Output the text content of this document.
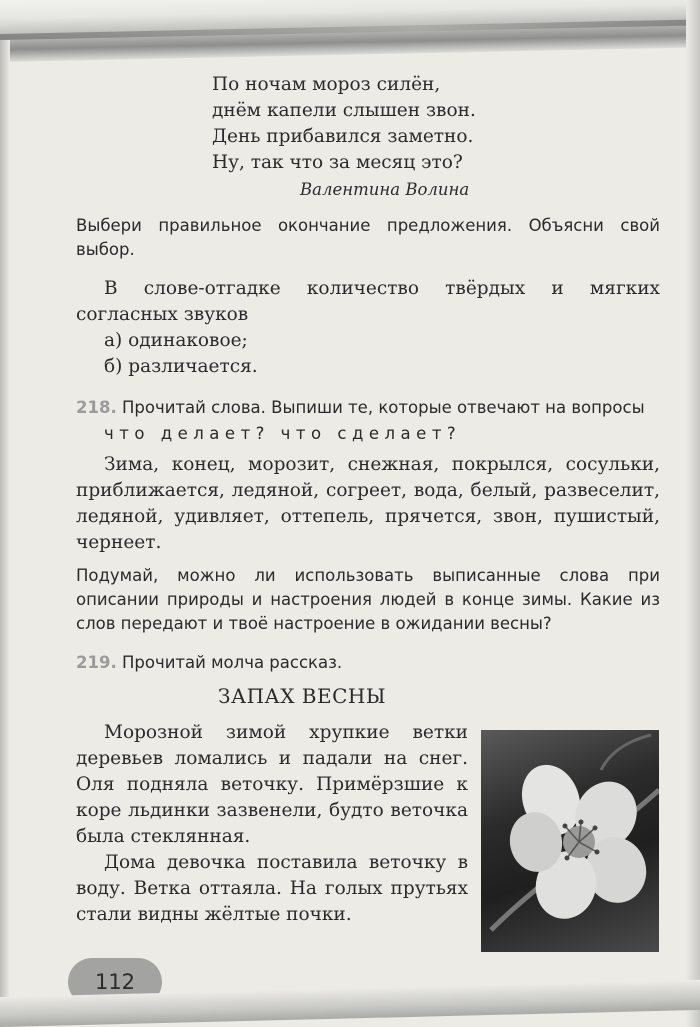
По ночам мороз силён,
днём капели слышен звон.
День прибавился заметно.
Ну, так что за месяц это?
Валентина Волина
Выбери правильное окончание предложения. Объясни свой выбор.
В слове-отгадке количество твёрдых и мягких согласных звуков
а) одинаковое;
б) различается.
218. Прочитай слова. Выпиши те, которые отвечают на вопросы
что делает? что сделает?
Зима, конец, морозит, снежная, покрылся, сосульки, приближается, ледяной, согреет, вода, белый, развеселит, ледяной, удивляет, оттепель, прячется, звон, пушистый, чернеет.
Подумай, можно ли использовать выписанные слова при описании природы и настроения людей в конце зимы. Какие из слов передают и твоё настроение в ожидании весны?
219. Прочитай молча рассказ.
ЗАПАХ ВЕСНЫ
Морозной зимой хрупкие ветки деревьев ломались и падали на снег. Оля подняла веточку. Примёрзшие к коре льдинки зазвенели, будто веточка была стеклянная.
Дома девочка поставила веточку в воду. Ветка оттаяла. На голых прутьях стали видны жёлтые почки.
112
